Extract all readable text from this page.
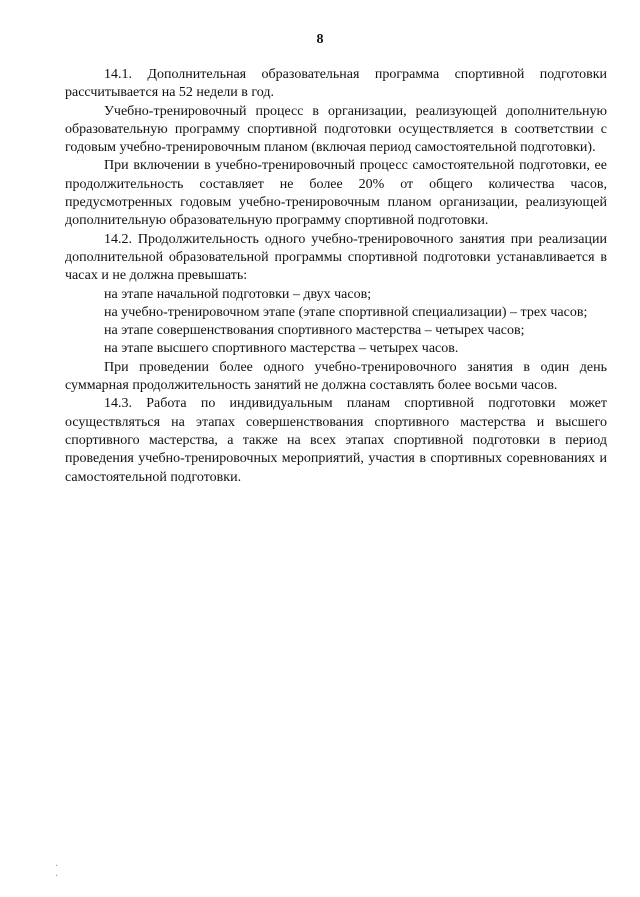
8

14.1. Дополнительная образовательная программа спортивной подготовки рассчитывается на 52 недели в год.

Учебно-тренировочный процесс в организации, реализующей дополнительную образовательную программу спортивной подготовки осуществляется в соответствии с годовым учебно-тренировочным планом (включая период самостоятельной подготовки).

При включении в учебно-тренировочный процесс самостоятельной подготовки, ее продолжительность составляет не более 20% от общего количества часов, предусмотренных годовым учебно-тренировочным планом организации, реализующей дополнительную образовательную программу спортивной подготовки.

14.2. Продолжительность одного учебно-тренировочного занятия при реализации дополнительной образовательной программы спортивной подготовки устанавливается в часах и не должна превышать:

на этапе начальной подготовки – двух часов;

на учебно-тренировочном этапе (этапе спортивной специализации) – трех часов;

на этапе совершенствования спортивного мастерства – четырех часов;

на этапе высшего спортивного мастерства – четырех часов.

При проведении более одного учебно-тренировочного занятия в один день суммарная продолжительность занятий не должна составлять более восьми часов.

14.3. Работа по индивидуальным планам спортивной подготовки может осуществляться на этапах совершенствования спортивного мастерства и высшего спортивного мастерства, а также на всех этапах спортивной подготовки в период проведения учебно-тренировочных мероприятий, участия в спортивных соревнованиях и самостоятельной подготовки.

·
·
